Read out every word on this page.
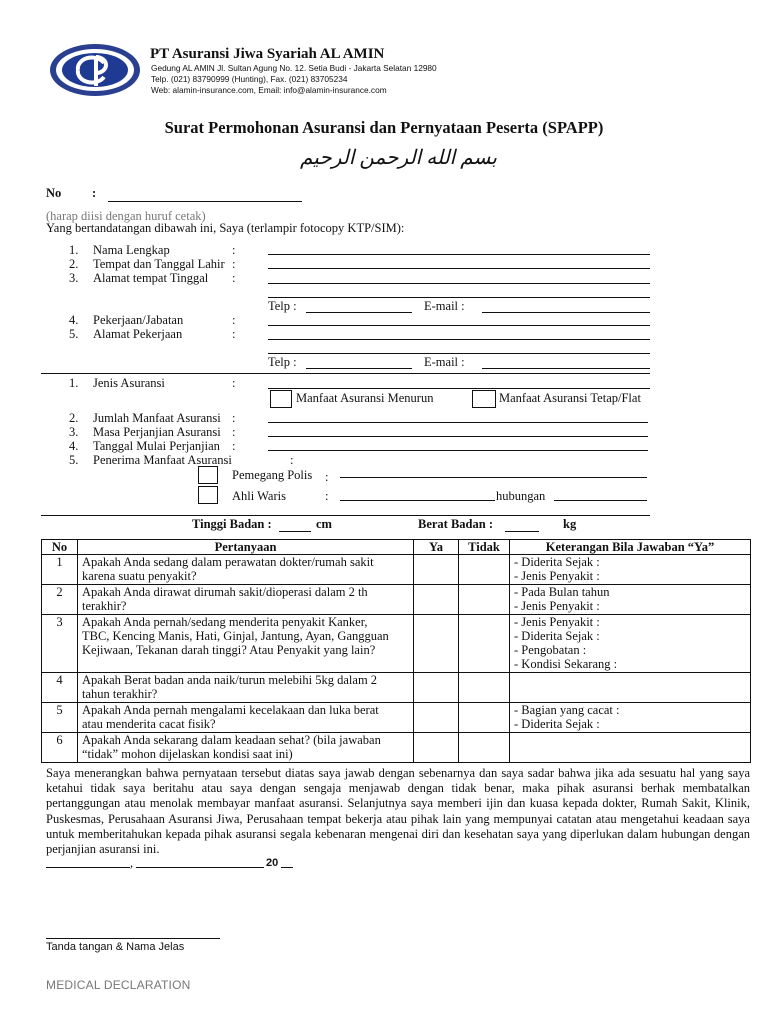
PT Asuransi Jiwa Syariah AL AMIN
Gedung AL AMIN Jl. Sultan Agung No. 12. Setia Budi - Jakarta Selatan 12980
Telp. (021) 83790999 (Hunting), Fax. (021) 83705234
Web: alamin-insurance.com, Email: info@alamin-insurance.com
Surat Permohonan Asuransi dan Pernyataan Peserta (SPAPP)
بسم الله الرحمن الرحيم
No :
(harap diisi dengan huruf cetak)
Yang bertandatangan dibawah ini, Saya (terlampir fotocopy KTP/SIM):
1. Nama Lengkap	:
2. Tempat dan Tanggal Lahir :
3. Alamat tempat Tinggal :
Telp :	E-mail :
4. Pekerjaan/Jabatan	:
5. Alamat Pekerjaan	:
Telp :	E-mail :
1. Jenis Asuransi	:
Manfaat Asuransi Menurun	Manfaat Asuransi Tetap/Flat
2. Jumlah Manfaat Asuransi :
3. Masa Perjanjian Asuransi :
4. Tanggal Mulai Perjanjian :
5. Penerima Manfaat Asuransi	:
Pemegang Polis :
Ahli Waris	:	hubungan
Tinggi Badan :	cm	Berat Badan :	kg
No	Pertanyaan	Ya	Tidak	Keterangan Bila Jawaban “Ya”
1	Apakah Anda sedang dalam perawatan dokter/rumah sakit
karena suatu penyakit?			- Diderita Sejak :
- Jenis Penyakit :

2	Apakah Anda dirawat dirumah sakit/dioperasi dalam 2 th
terakhir?			- Pada Bulan tahun
- Jenis Penyakit :

3	Apakah Anda pernah/sedang menderita penyakit Kanker,
TBC, Kencing Manis, Hati, Ginjal, Jantung, Ayan, Gangguan
Kejiwaan, Tekanan darah tinggi? Atau Penyakit yang lain?			- Jenis Penyakit :
- Diderita Sejak :
- Pengobatan :
- Kondisi Sekarang :

4	Apakah Berat badan anda naik/turun melebihi 5kg dalam 2
tahun terakhir?			

5	Apakah Anda pernah mengalami kecelakaan dan luka berat
atau menderita cacat fisik?			- Bagian yang cacat :
- Diderita Sejak :

6	Apakah Anda sekarang dalam keadaan sehat? (bila jawaban
“tidak” mohon dijelaskan kondisi saat ini)			

Saya menerangkan bahwa pernyataan tersebut diatas saya jawab dengan sebenarnya dan saya sadar bahwa jika ada sesuatu hal yang saya ketahui tidak saya beritahu atau saya dengan sengaja menjawab dengan tidak benar, maka pihak asuransi berhak membatalkan pertanggungan atau menolak membayar manfaat asuransi. Selanjutnya saya memberi ijin dan kuasa kepada dokter, Rumah Sakit, Klinik, Puskesmas, Perusahaan Asuransi Jiwa, Perusahaan tempat bekerja atau pihak lain yang mempunyai catatan atau mengetahui keadaan saya untuk memberitahukan kepada pihak asuransi segala kebenaran mengenai diri dan kesehatan saya yang diperlukan dalam hubungan dengan perjanjian asuransi ini.
,	20
Tanda tangan & Nama Jelas
MEDICAL DECLARATION
